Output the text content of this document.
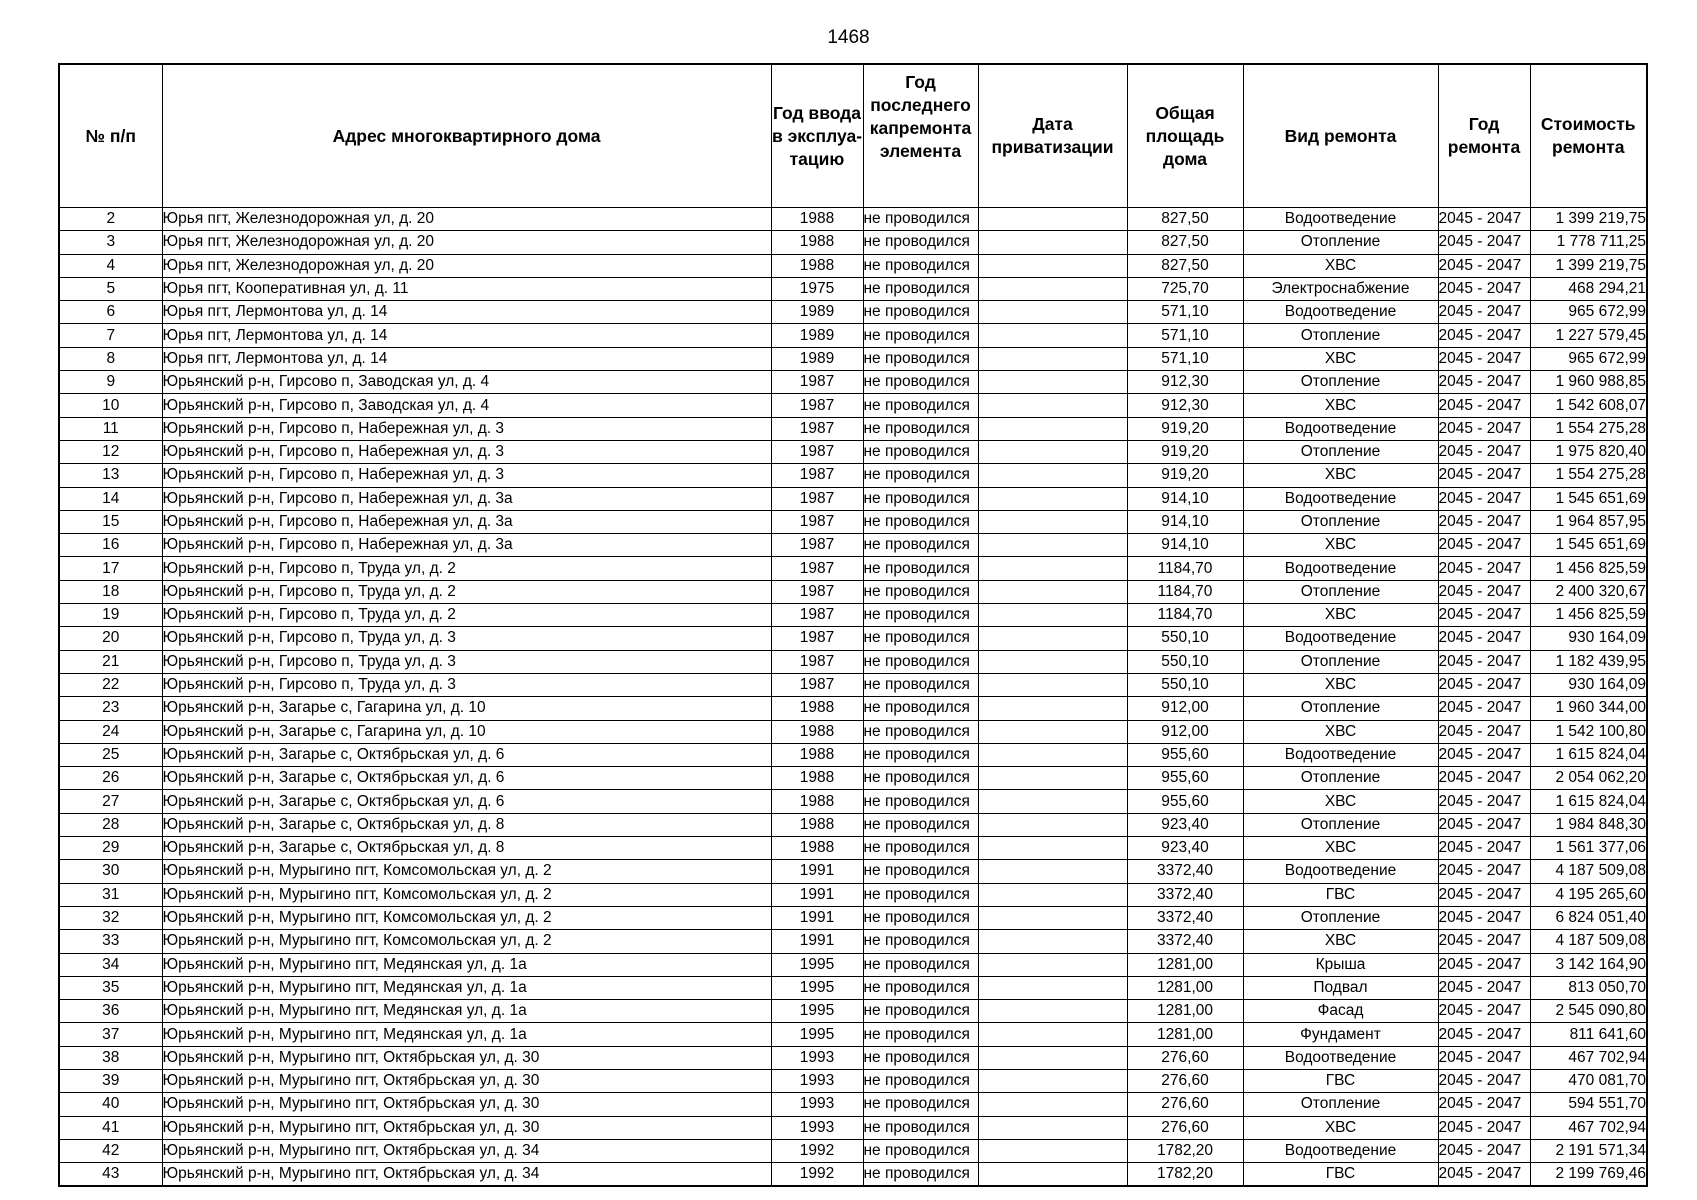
1468
№ п/п	Адрес многоквартирного дома	Год ввода в эксплуа-тацию	Год последнего капремонта элемента	Дата приватизации	Общая площадь дома	Вид ремонта	Год ремонта	Стоимость ремонта
2	Юрья пгт, Железнодорожная ул, д. 20	1988	не проводился		827,50	Водоотведение	2045 - 2047	1 399 219,75
3	Юрья пгт, Железнодорожная ул, д. 20	1988	не проводился		827,50	Отопление	2045 - 2047	1 778 711,25
4	Юрья пгт, Железнодорожная ул, д. 20	1988	не проводился		827,50	ХВС	2045 - 2047	1 399 219,75
5	Юрья пгт, Кооперативная ул, д. 11	1975	не проводился		725,70	Электроснабжение	2045 - 2047	468 294,21
6	Юрья пгт, Лермонтова ул, д. 14	1989	не проводился		571,10	Водоотведение	2045 - 2047	965 672,99
7	Юрья пгт, Лермонтова ул, д. 14	1989	не проводился		571,10	Отопление	2045 - 2047	1 227 579,45
8	Юрья пгт, Лермонтова ул, д. 14	1989	не проводился		571,10	ХВС	2045 - 2047	965 672,99
9	Юрьянский р-н, Гирсово п, Заводская ул, д. 4	1987	не проводился		912,30	Отопление	2045 - 2047	1 960 988,85
10	Юрьянский р-н, Гирсово п, Заводская ул, д. 4	1987	не проводился		912,30	ХВС	2045 - 2047	1 542 608,07
11	Юрьянский р-н, Гирсово п, Набережная ул, д. 3	1987	не проводился		919,20	Водоотведение	2045 - 2047	1 554 275,28
12	Юрьянский р-н, Гирсово п, Набережная ул, д. 3	1987	не проводился		919,20	Отопление	2045 - 2047	1 975 820,40
13	Юрьянский р-н, Гирсово п, Набережная ул, д. 3	1987	не проводился		919,20	ХВС	2045 - 2047	1 554 275,28
14	Юрьянский р-н, Гирсово п, Набережная ул, д. 3а	1987	не проводился		914,10	Водоотведение	2045 - 2047	1 545 651,69
15	Юрьянский р-н, Гирсово п, Набережная ул, д. 3а	1987	не проводился		914,10	Отопление	2045 - 2047	1 964 857,95
16	Юрьянский р-н, Гирсово п, Набережная ул, д. 3а	1987	не проводился		914,10	ХВС	2045 - 2047	1 545 651,69
17	Юрьянский р-н, Гирсово п, Труда ул, д. 2	1987	не проводился		1184,70	Водоотведение	2045 - 2047	1 456 825,59
18	Юрьянский р-н, Гирсово п, Труда ул, д. 2	1987	не проводился		1184,70	Отопление	2045 - 2047	2 400 320,67
19	Юрьянский р-н, Гирсово п, Труда ул, д. 2	1987	не проводился		1184,70	ХВС	2045 - 2047	1 456 825,59
20	Юрьянский р-н, Гирсово п, Труда ул, д. 3	1987	не проводился		550,10	Водоотведение	2045 - 2047	930 164,09
21	Юрьянский р-н, Гирсово п, Труда ул, д. 3	1987	не проводился		550,10	Отопление	2045 - 2047	1 182 439,95
22	Юрьянский р-н, Гирсово п, Труда ул, д. 3	1987	не проводился		550,10	ХВС	2045 - 2047	930 164,09
23	Юрьянский р-н, Загарье с, Гагарина ул, д. 10	1988	не проводился		912,00	Отопление	2045 - 2047	1 960 344,00
24	Юрьянский р-н, Загарье с, Гагарина ул, д. 10	1988	не проводился		912,00	ХВС	2045 - 2047	1 542 100,80
25	Юрьянский р-н, Загарье с, Октябрьская ул, д. 6	1988	не проводился		955,60	Водоотведение	2045 - 2047	1 615 824,04
26	Юрьянский р-н, Загарье с, Октябрьская ул, д. 6	1988	не проводился		955,60	Отопление	2045 - 2047	2 054 062,20
27	Юрьянский р-н, Загарье с, Октябрьская ул, д. 6	1988	не проводился		955,60	ХВС	2045 - 2047	1 615 824,04
28	Юрьянский р-н, Загарье с, Октябрьская ул, д. 8	1988	не проводился		923,40	Отопление	2045 - 2047	1 984 848,30
29	Юрьянский р-н, Загарье с, Октябрьская ул, д. 8	1988	не проводился		923,40	ХВС	2045 - 2047	1 561 377,06
30	Юрьянский р-н, Мурыгино пгт, Комсомольская ул, д. 2	1991	не проводился		3372,40	Водоотведение	2045 - 2047	4 187 509,08
31	Юрьянский р-н, Мурыгино пгт, Комсомольская ул, д. 2	1991	не проводился		3372,40	ГВС	2045 - 2047	4 195 265,60
32	Юрьянский р-н, Мурыгино пгт, Комсомольская ул, д. 2	1991	не проводился		3372,40	Отопление	2045 - 2047	6 824 051,40
33	Юрьянский р-н, Мурыгино пгт, Комсомольская ул, д. 2	1991	не проводился		3372,40	ХВС	2045 - 2047	4 187 509,08
34	Юрьянский р-н, Мурыгино пгт, Медянская ул, д. 1а	1995	не проводился		1281,00	Крыша	2045 - 2047	3 142 164,90
35	Юрьянский р-н, Мурыгино пгт, Медянская ул, д. 1а	1995	не проводился		1281,00	Подвал	2045 - 2047	813 050,70
36	Юрьянский р-н, Мурыгино пгт, Медянская ул, д. 1а	1995	не проводился		1281,00	Фасад	2045 - 2047	2 545 090,80
37	Юрьянский р-н, Мурыгино пгт, Медянская ул, д. 1а	1995	не проводился		1281,00	Фундамент	2045 - 2047	811 641,60
38	Юрьянский р-н, Мурыгино пгт, Октябрьская ул, д. 30	1993	не проводился		276,60	Водоотведение	2045 - 2047	467 702,94
39	Юрьянский р-н, Мурыгино пгт, Октябрьская ул, д. 30	1993	не проводился		276,60	ГВС	2045 - 2047	470 081,70
40	Юрьянский р-н, Мурыгино пгт, Октябрьская ул, д. 30	1993	не проводился		276,60	Отопление	2045 - 2047	594 551,70
41	Юрьянский р-н, Мурыгино пгт, Октябрьская ул, д. 30	1993	не проводился		276,60	ХВС	2045 - 2047	467 702,94
42	Юрьянский р-н, Мурыгино пгт, Октябрьская ул, д. 34	1992	не проводился		1782,20	Водоотведение	2045 - 2047	2 191 571,34
43	Юрьянский р-н, Мурыгино пгт, Октябрьская ул, д. 34	1992	не проводился		1782,20	ГВС	2045 - 2047	2 199 769,46
